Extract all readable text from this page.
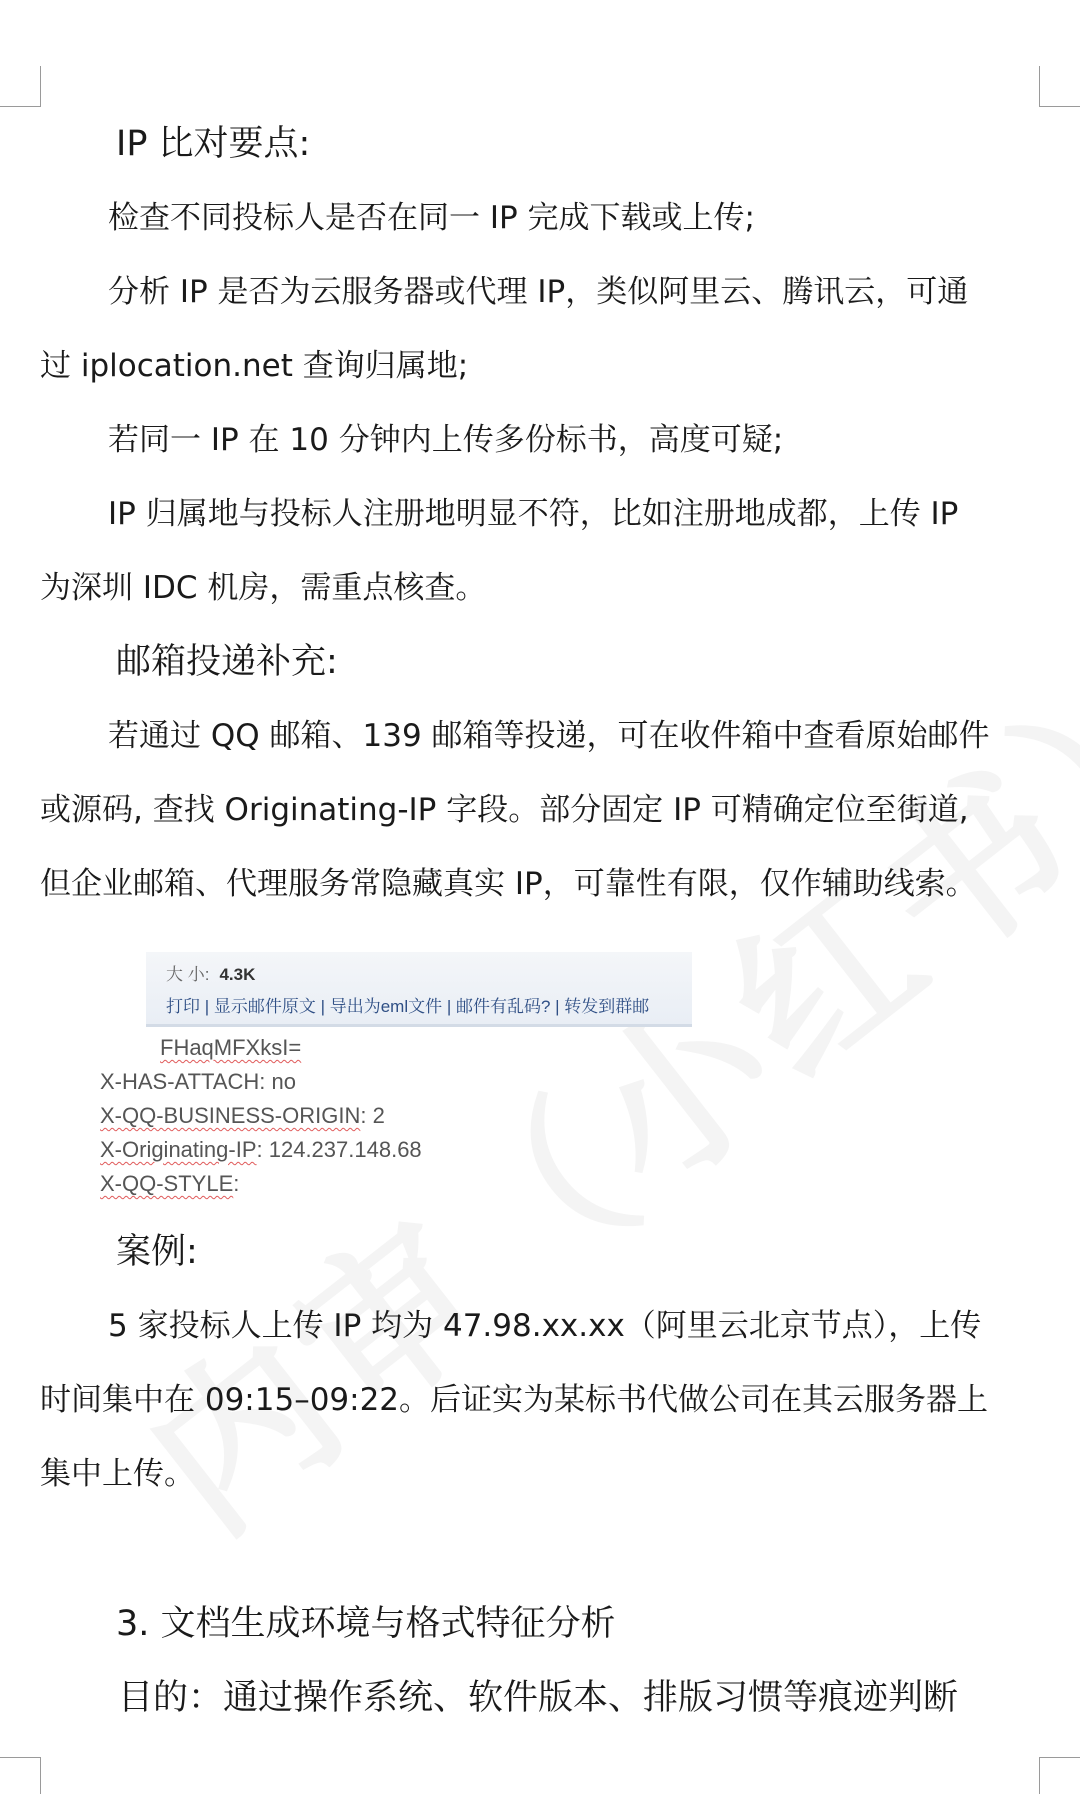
IP 比对要点:
检查不同投标人是否在同一 IP 完成下载或上传;
分析 IP 是否为云服务器或代理 IP，类似阿里云、腾讯云，可通
过 iplocation.net 查询归属地;
若同一 IP 在 10 分钟内上传多份标书，高度可疑;
IP 归属地与投标人注册地明显不符，比如注册地成都，上传 IP
为深圳 IDC 机房，需重点核查。
邮箱投递补充:
若通过 QQ 邮箱、139 邮箱等投递，可在收件箱中查看原始邮件
或源码, 查找 Originating-IP 字段。部分固定 IP 可精确定位至街道,
但企业邮箱、代理服务常隐藏真实 IP，可靠性有限，仅作辅助线索。
大 小: 4.3K
打印 | 显示邮件原文 | 导出为eml文件 | 邮件有乱码? | 转发到群邮
FHaqMFXksI=
X-HAS-ATTACH: no
X-QQ-BUSINESS-ORIGIN: 2
X-Originating-IP: 124.237.148.68
X-QQ-STYLE:
案例:
5 家投标人上传 IP 均为 47.98.xx.xx（阿里云北京节点），上传
时间集中在 09:15–09:22。后证实为某标书代做公司在其云服务器上
集中上传。
3. 文档生成环境与格式特征分析
目的：通过操作系统、软件版本、排版习惯等痕迹判断
